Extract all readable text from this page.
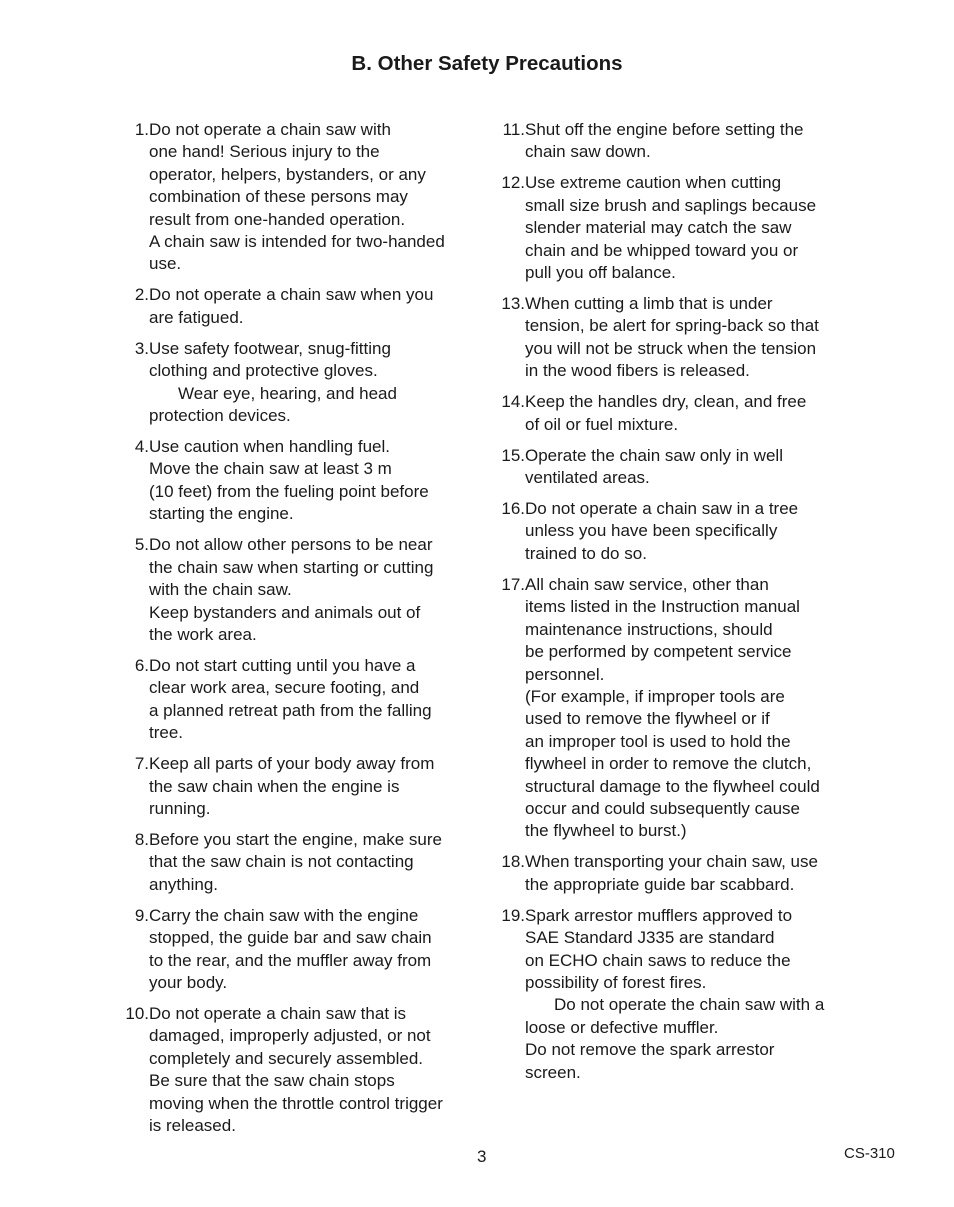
B. Other Safety Precautions
1. Do not operate a chain saw with
one hand! Serious injury to the
operator, helpers, bystanders, or any
combination of these persons may
result from one-handed operation.
A chain saw is intended for two-handed
use.
2. Do not operate a chain saw when you
are fatigued.
3. Use safety footwear, snug-fitting
clothing and protective gloves.
Wear eye, hearing, and head
protection devices.
4. Use caution when handling fuel.
Move the chain saw at least 3 m
(10 feet) from the fueling point before
starting the engine.
5. Do not allow other persons to be near
the chain saw when starting or cutting
with the chain saw.
Keep bystanders and animals out of
the work area.
6. Do not start cutting until you have a
clear work area, secure footing, and
a planned retreat path from the falling
tree.
7. Keep all parts of your body away from
the saw chain when the engine is
running.
8. Before you start the engine, make sure
that the saw chain is not contacting
anything.
9. Carry the chain saw with the engine
stopped, the guide bar and saw chain
to the rear, and the muffler away from
your body.
10. Do not operate a chain saw that is
damaged, improperly adjusted, or not
completely and securely assembled.
Be sure that the saw chain stops
moving when the throttle control trigger
is released.
11. Shut off the engine before setting the
chain saw down.
12. Use extreme caution when cutting
small size brush and saplings because
slender material may catch the saw
chain and be whipped toward you or
pull you off balance.
13. When cutting a limb that is under
tension, be alert for spring-back so that
you will not be struck when the tension
in the wood fibers is released.
14. Keep the handles dry, clean, and free
of oil or fuel mixture.
15. Operate the chain saw only in well
ventilated areas.
16. Do not operate a chain saw in a tree
unless you have been specifically
trained to do so.
17. All chain saw service, other than
items listed in the Instruction manual
maintenance instructions, should
be performed by competent service
personnel.
(For example, if improper tools are
used to remove the flywheel or if
an improper tool is used to hold the
flywheel in order to remove the clutch,
structural damage to the flywheel could
occur and could subsequently cause
the flywheel to burst.)
18. When transporting your chain saw, use
the appropriate guide bar scabbard.
19. Spark arrestor mufflers approved to
SAE Standard J335 are standard
on ECHO chain saws to reduce the
possibility of forest fires.
Do not operate the chain saw with a
loose or defective muffler.
Do not remove the spark arrestor
screen.
3	CS-310
